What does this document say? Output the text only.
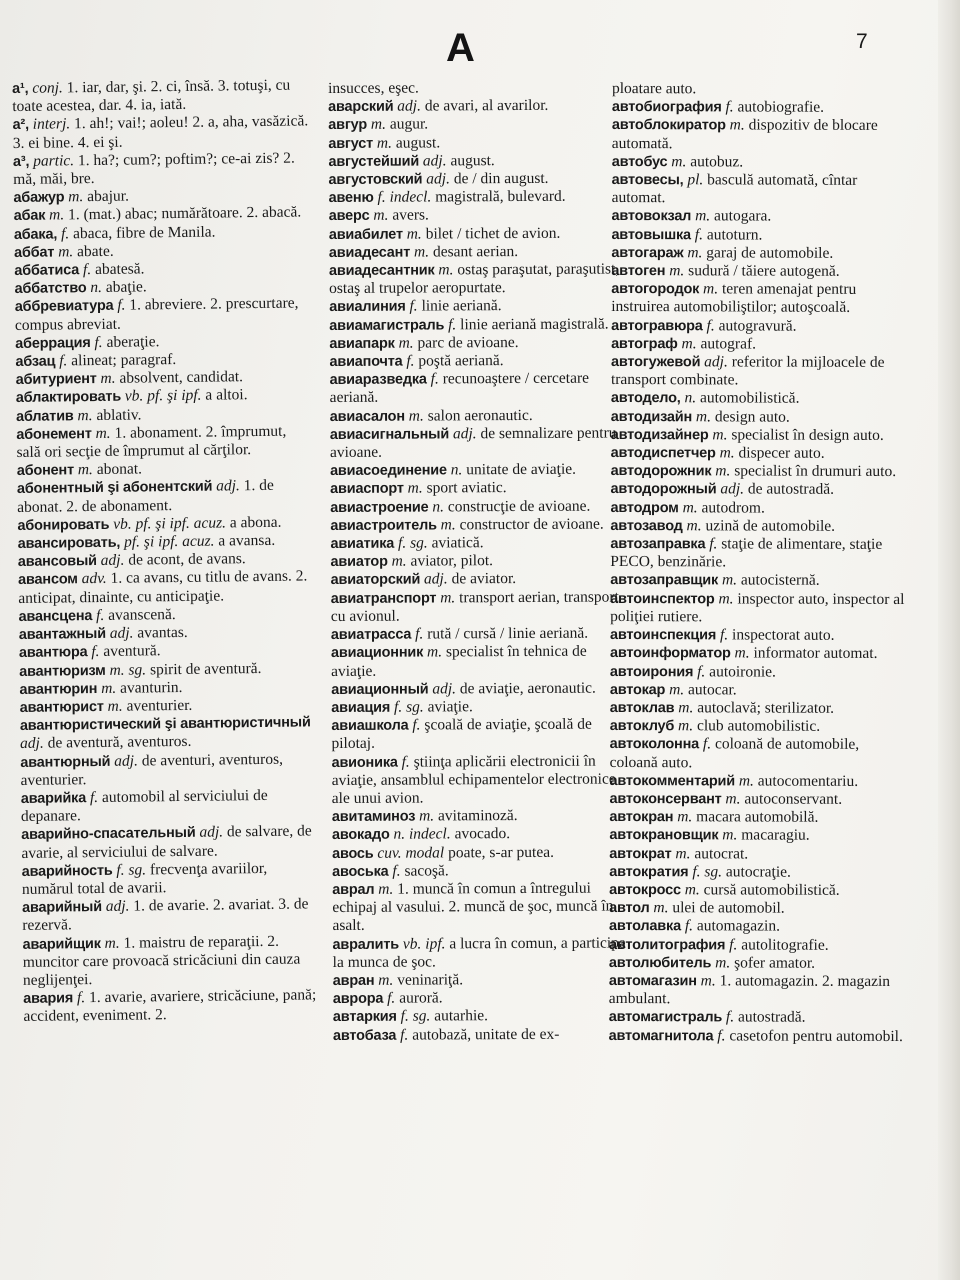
A	7

a¹, conj. 1. iar, dar, şi. 2. ci, însă. 3. totuşi, cu toate acestea, dar. 4. ia, iată.

a², interj. 1. ah!; vai!; aoleu! 2. a, aha, vasăzică. 3. ei bine. 4. ei şi.

a³, partic. 1. ha?; cum?; poftim?; ce-ai zis? 2. mă, măi, bre.

абажур m. abajur.

абак m. 1. (mat.) abac; numărătoare. 2. abacă.

абака, f. abaca, fibre de Manila.

аббат m. abate.

аббатиса f. abatesă.

аббатство n. abaţie.

аббревиатура f. 1. abreviere. 2. prescurtare, compus abreviat.

аберрация f. aberaţie.

абзац f. alineat; paragraf.

абитуриент m. absolvent, candidat.

аблактировать vb. pf. şi ipf. a altoi.

аблатив m. ablativ.

абонемент m. 1. abonament. 2. împrumut, sală ori secţie de împrumut al cărţilor.

абонент m. abonat.

абонентный şi абонентский adj. 1. de abonat. 2. de abonament.

абонировать vb. pf. şi ipf. acuz. a abona.

авансировать, pf. şi ipf. acuz. a avansa.

авансовый adj. de acont, de avans.

авансом adv. 1. ca avans, cu titlu de avans. 2. anticipat, dinainte, cu anticipaţie.

авансцена f. avanscenă.

авантажный adj. avantas.

авантюра f. aventură.

авантюризм m. sg. spirit de aventură.

авантюрин m. avanturin.

авантюрист m. aventurier.

авантюристический şi авантюристичный adj. de aventură, aventuros.

авантюрный adj. de aventuri, aventuros, aventurier.

аварийка f. automobil al serviciului de depanare.

аварийно-спасательный adj. de salvare, de avarie, al serviciului de salvare.

аварийность f. sg. frecvenţa avariilor, numărul total de avarii.

аварийный adj. 1. de avarie. 2. avariat. 3. de rezervă.

аварийщик m. 1. maistru de reparaţii. 2. muncitor care provoacă stricăciuni din cauza neglijenţei.

авария f. 1. avarie, avariere, stricăciune, pană; accident, eveniment. 2.

insucces, eşec.

аварский adj. de avari, al avarilor.

авгур m. augur.

август m. august.

августейший adj. august.

августовский adj. de / din august.

авеню f. indecl. magistrală, bulevard.

аверс m. avers.

авиабилет m. bilet / tichet de avion.

авиадесант m. desant aerian.

авиадесантник m. ostaş paraşutat, paraşutist, ostaş al trupelor aeropurtate.

авиалиния f. linie aeriană.

авиамагистраль f. linie aeriană magistrală.

авиапарк m. parc de avioane.

авиапочта f. poştă aeriană.

авиаразведка f. recunoaştere / cercetare aeriană.

авиасалон m. salon aeronautic.

авиасигнальный adj. de semnalizare pentru avioane.

авиасоединение n. unitate de aviaţie.

авиаспорт m. sport aviatic.

авиастроение n. construcţie de avioane.

авиастроитель m. constructor de avioane.

авиатика f. sg. aviatică.

авиатор m. aviator, pilot.

авиаторский adj. de aviator.

авиатранспорт m. transport aerian, transport cu avionul.

авиатрасса f. rută / cursă / linie aeriană.

авиационник m. specialist în tehnica de aviaţie.

авиационный adj. de aviaţie, aeronautic.

авиация f. sg. aviaţie.

авиашкола f. şcoală de aviaţie, şcoală de pilotaj.

авионика f. ştiinţa aplicării electronicii în aviaţie, ansamblul echipamentelor electronice ale unui avion.

авитаминоз m. avitaminoză.

авокадо n. indecl. avocado.

авось cuv. modal poate, s-ar putea.

авоська f. sacoşă.

аврал m. 1. muncă în comun a întregului echipaj al vasului. 2. muncă de şoc, muncă în asalt.

авралить vb. ipf. a lucra în comun, a participa la munca de şoc.

авран m. veninariţă.

аврора f. auroră.

автаркия f. sg. autarhie.

автобаза f. autobază, unitate de ex-

ploatare auto.

автобиография f. autobiografie.

автоблокиратор m. dispozitiv de blocare automată.

автобус m. autobuz.

автовесы, pl. basculă automată, cîntar automat.

автовокзал m. autogara.

автовышка f. autoturn.

автогараж m. garaj de automobile.

автоген m. sudură / tăiere autogenă.

автогородок m. teren amenajat pentru instruirea automobiliştilor; autoşcoală.

автогравюра f. autogravură.

автограф m. autograf.

автогужевой adj. referitor la mijloacele de transport combinate.

автодело, n. automobilistică.

автодизайн m. design auto.

автодизайнер m. specialist în design auto.

автодиспетчер m. dispecer auto.

автодорожник m. specialist în drumuri auto.

автодорожный adj. de autostradă.

автодром m. autodrom.

автозавод m. uzină de automobile.

автозаправка f. staţie de alimentare, staţie PECO, benzinărie.

автозаправщик m. autocisternă.

автоинспектор m. inspector auto, inspector al poliţiei rutiere.

автоинспекция f. inspectorat auto.

автоинформатор m. informator automat.

автоирония f. autoironie.

автокар m. autocar.

автоклав m. autoclavă; sterilizator.

автоклуб m. club automobilistic.

автоколонна f. coloană de automobile, coloană auto.

автокомментарий m. autocomentariu.

автоконсервант m. autoconservant.

автокран m. macara automobilă.

автокрановщик m. macaragiu.

автократ m. autocrat.

автократия f. sg. autocraţie.

автокросс m. cursă automobilistică.

автол m. ulei de automobil.

автолавка f. automagazin.

автолитография f. autolitografie.

автолюбитель m. şofer amator.

автомагазин m. 1. automagazin. 2. magazin ambulant.

автомагистраль f. autostradă.

автомагнитола f. casetofon pentru automobil.
